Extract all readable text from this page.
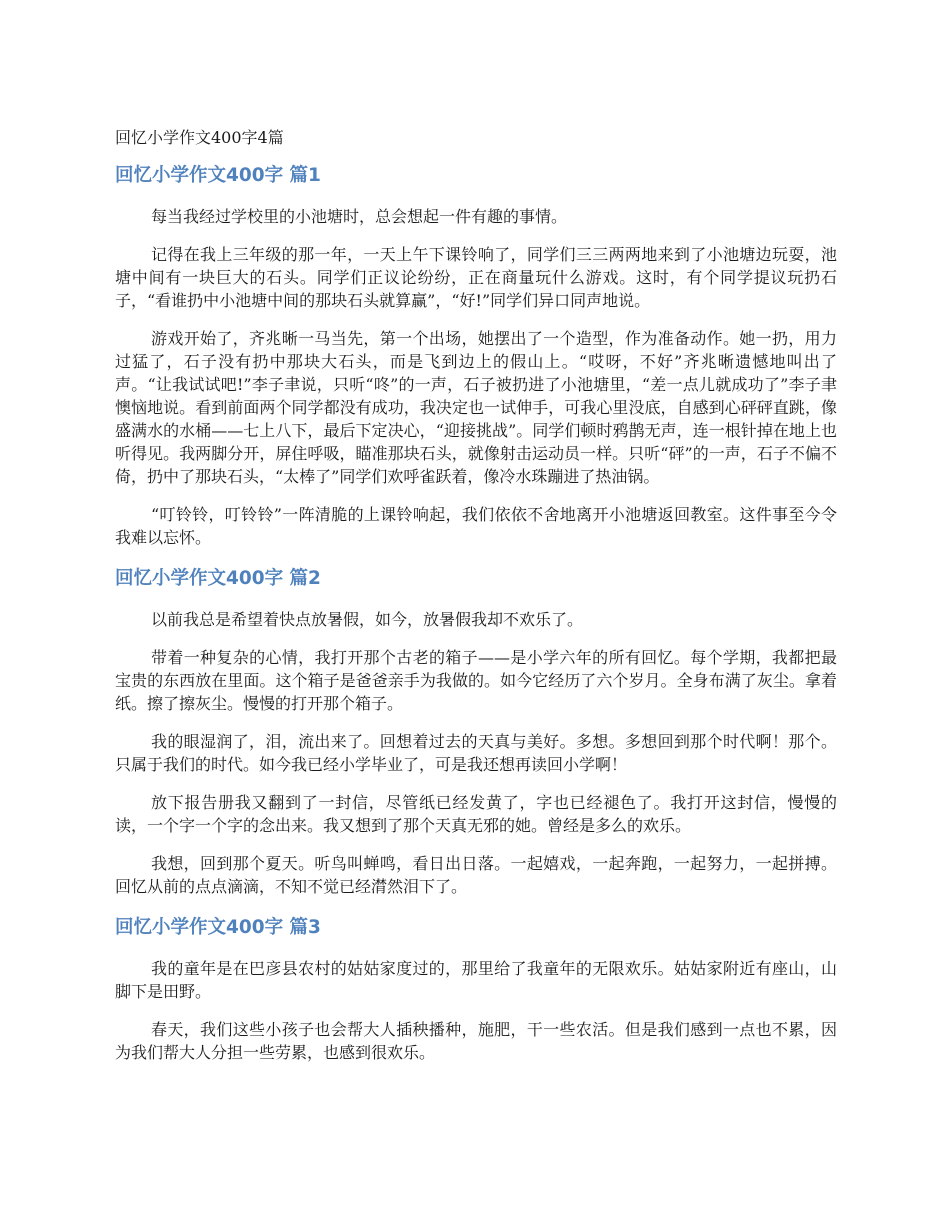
回忆小学作文400字4篇

回忆小学作文400字 篇1

每当我经过学校里的小池塘时，总会想起一件有趣的事情。

记得在我上三年级的那一年，一天上午下课铃响了，同学们三三两两地来到了小池塘边玩耍，池塘中间有一块巨大的石头。同学们正议论纷纷，正在商量玩什么游戏。这时，有个同学提议玩扔石子，“看谁扔中小池塘中间的那块石头就算赢”，“好!”同学们异口同声地说。

游戏开始了，齐兆晰一马当先，第一个出场，她摆出了一个造型，作为准备动作。她一扔，用力过猛了，石子没有扔中那块大石头，而是飞到边上的假山上。“哎呀，不好”齐兆晰遗憾地叫出了声。“让我试试吧!”李子聿说，只听“咚”的一声，石子被扔进了小池塘里，“差一点儿就成功了”李子聿懊恼地说。看到前面两个同学都没有成功，我决定也一试伸手，可我心里没底，自感到心砰砰直跳，像盛满水的水桶——七上八下，最后下定决心，“迎接挑战”。同学们顿时鸦鹊无声，连一根针掉在地上也听得见。我两脚分开，屏住呼吸，瞄准那块石头，就像射击运动员一样。只听“砰”的一声，石子不偏不倚，扔中了那块石头，“太棒了”同学们欢呼雀跃着，像冷水珠蹦进了热油锅。

“叮铃铃，叮铃铃”一阵清脆的上课铃响起，我们依依不舍地离开小池塘返回教室。这件事至今令我难以忘怀。

回忆小学作文400字 篇2

以前我总是希望着快点放暑假，如今，放暑假我却不欢乐了。

带着一种复杂的心情，我打开那个古老的箱子——是小学六年的所有回忆。每个学期，我都把最宝贵的东西放在里面。这个箱子是爸爸亲手为我做的。如今它经历了六个岁月。全身布满了灰尘。拿着纸。擦了擦灰尘。慢慢的打开那个箱子。

我的眼湿润了，泪，流出来了。回想着过去的天真与美好。多想。多想回到那个时代啊！那个。只属于我们的时代。如今我已经小学毕业了，可是我还想再读回小学啊！

放下报告册我又翻到了一封信，尽管纸已经发黄了，字也已经褪色了。我打开这封信，慢慢的读，一个字一个字的念出来。我又想到了那个天真无邪的她。曾经是多么的欢乐。

我想，回到那个夏天。听鸟叫蝉鸣，看日出日落。一起嬉戏，一起奔跑，一起努力，一起拼搏。回忆从前的点点滴滴，不知不觉已经潸然泪下了。

回忆小学作文400字 篇3

我的童年是在巴彦县农村的姑姑家度过的，那里给了我童年的无限欢乐。姑姑家附近有座山，山脚下是田野。

春天，我们这些小孩子也会帮大人插秧播种，施肥，干一些农活。但是我们感到一点也不累，因为我们帮大人分担一些劳累，也感到很欢乐。
